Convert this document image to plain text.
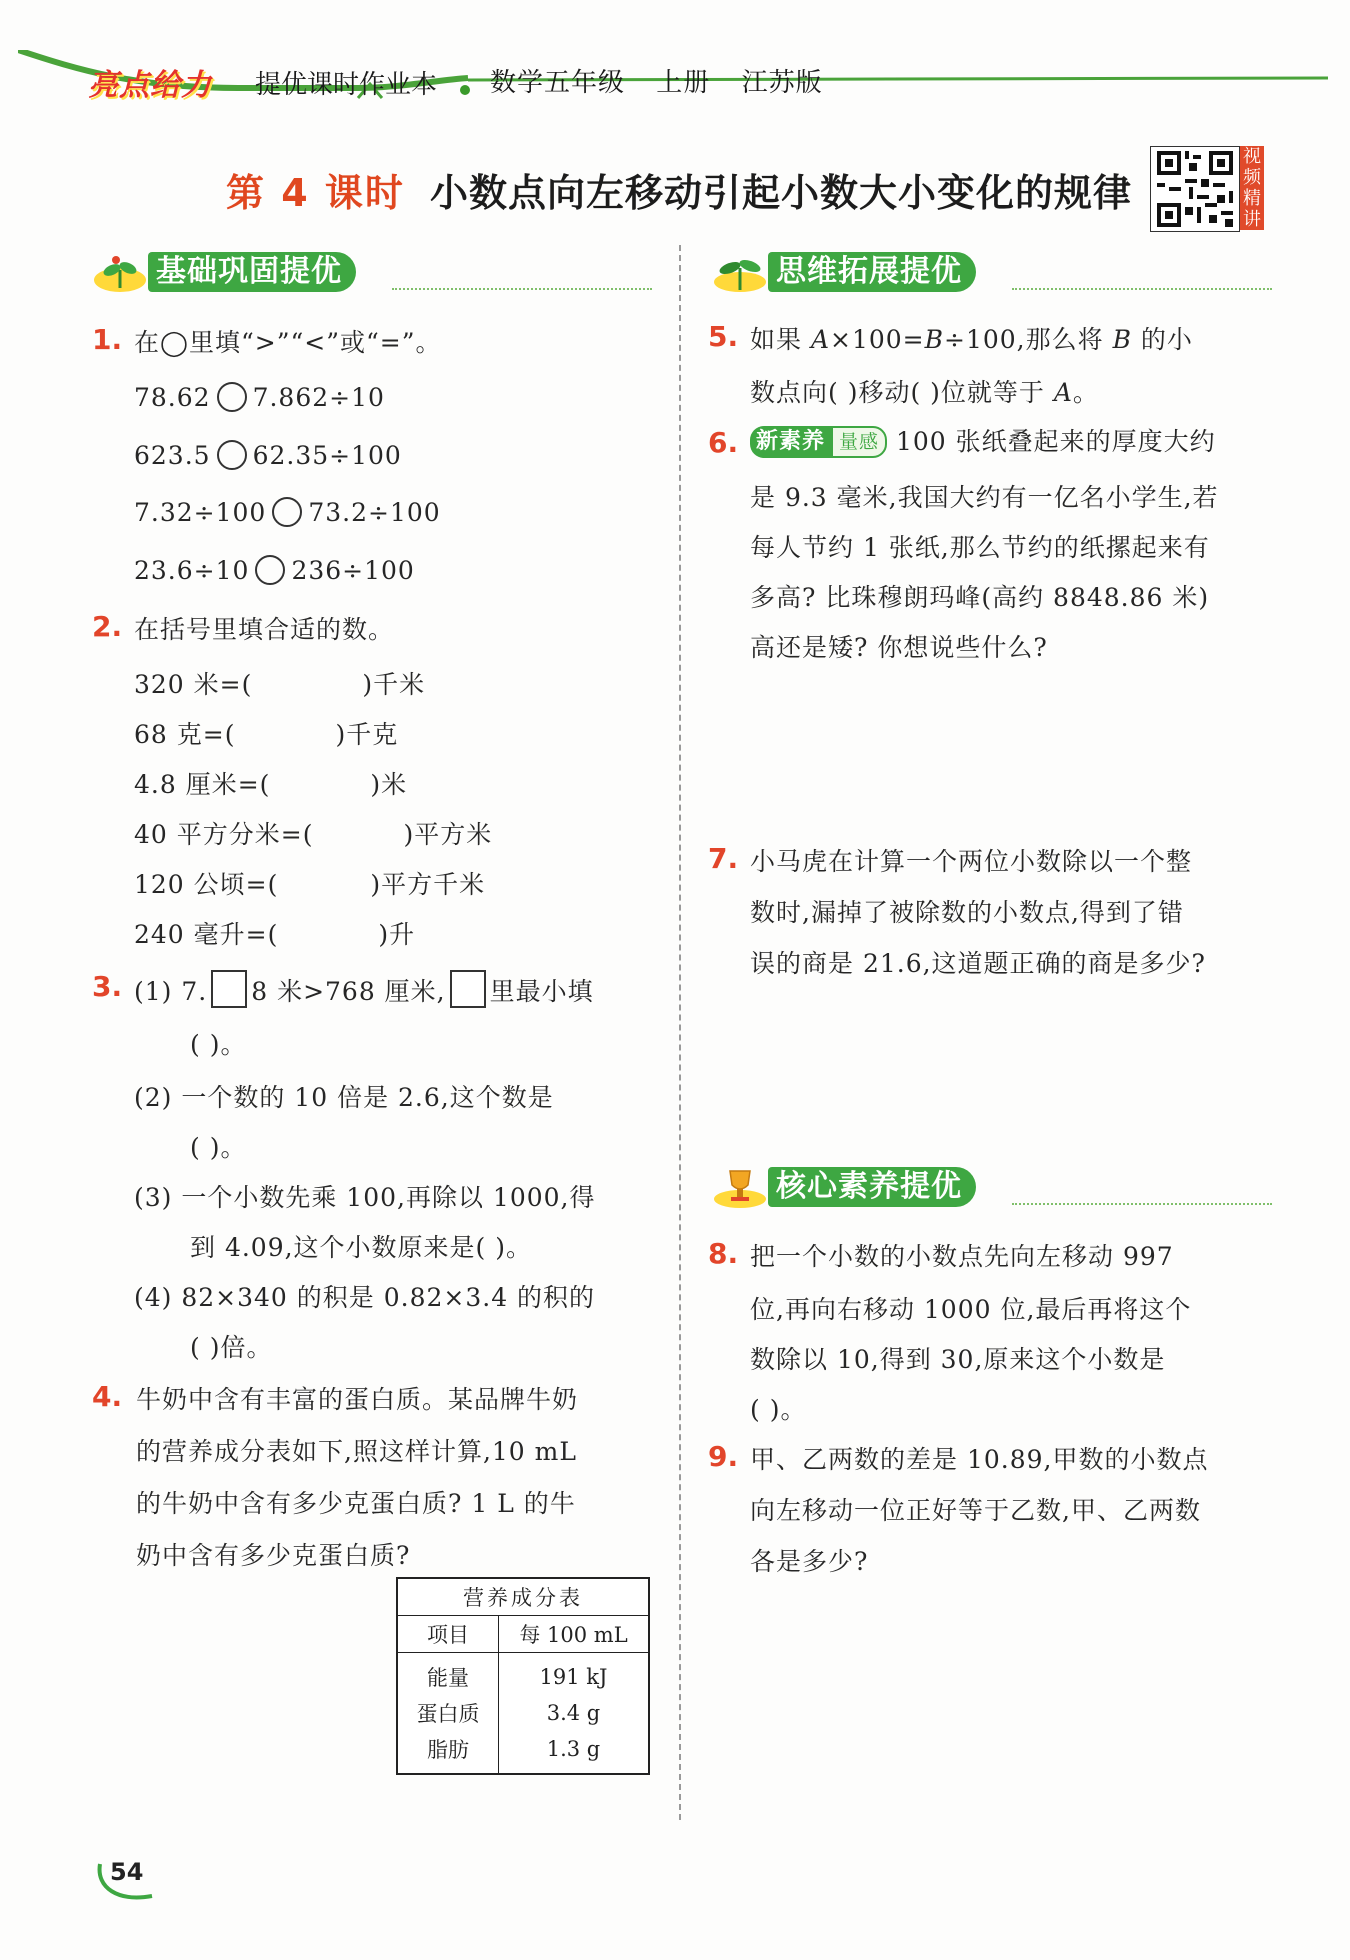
亮点给力 提优课时作业本 数学五年级 上册 江苏版
第 4 课时 小数点向左移动引起小数大小变化的规律
视
频
精
讲
基础巩固提优	思维拓展提优
核心素养提优
1. 在◯里填“>”“<”或“=”。
78.62 7.862÷10
623.5 62.35÷100
7.32÷100 73.2÷100
23.6÷10 236÷100
2. 在括号里填合适的数。
320 米=(	)千米
68 克=(	)千克
4.8 厘米=(	)米
40 平方分米=(	)平方米
120 公顷=(	)平方千米
240 毫升=(	)升
3. (1) 7. 8 米>768 厘米, 里最小填
( )。
(2) 一个数的 10 倍是 2.6,这个数是
( )。
(3) 一个小数先乘 100,再除以 1000,得
到 4.09,这个小数原来是( )。
(4) 82×340 的积是 0.82×3.4 的积的
( )倍。
4. 牛奶中含有丰富的蛋白质。某品牌牛奶
的营养成分表如下,照这样计算,10 mL
的牛奶中含有多少克蛋白质? 1 L 的牛
奶中含有多少克蛋白质?
营养成分表	
项目	每 100 mL
能量	191 kJ
蛋白质	3.4 g
脂肪	1.3 g
5. 如果 A×100=B÷100,那么将 B 的小
数点向( )移动( )位就等于 A。
6. 新素养 量感 100 张纸叠起来的厚度大约
是 9.3 毫米,我国大约有一亿名小学生,若
每人节约 1 张纸,那么节约的纸摞起来有
多高? 比珠穆朗玛峰(高约 8848.86 米)
高还是矮? 你想说些什么?
7. 小马虎在计算一个两位小数除以一个整
数时,漏掉了被除数的小数点,得到了错
误的商是 21.6,这道题正确的商是多少?
8. 把一个小数的小数点先向左移动 997
位,再向右移动 1000 位,最后再将这个
数除以 10,得到 30,原来这个小数是
( )。
9. 甲、乙两数的差是 10.89,甲数的小数点
向左移动一位正好等于乙数,甲、乙两数
各是多少?
54
